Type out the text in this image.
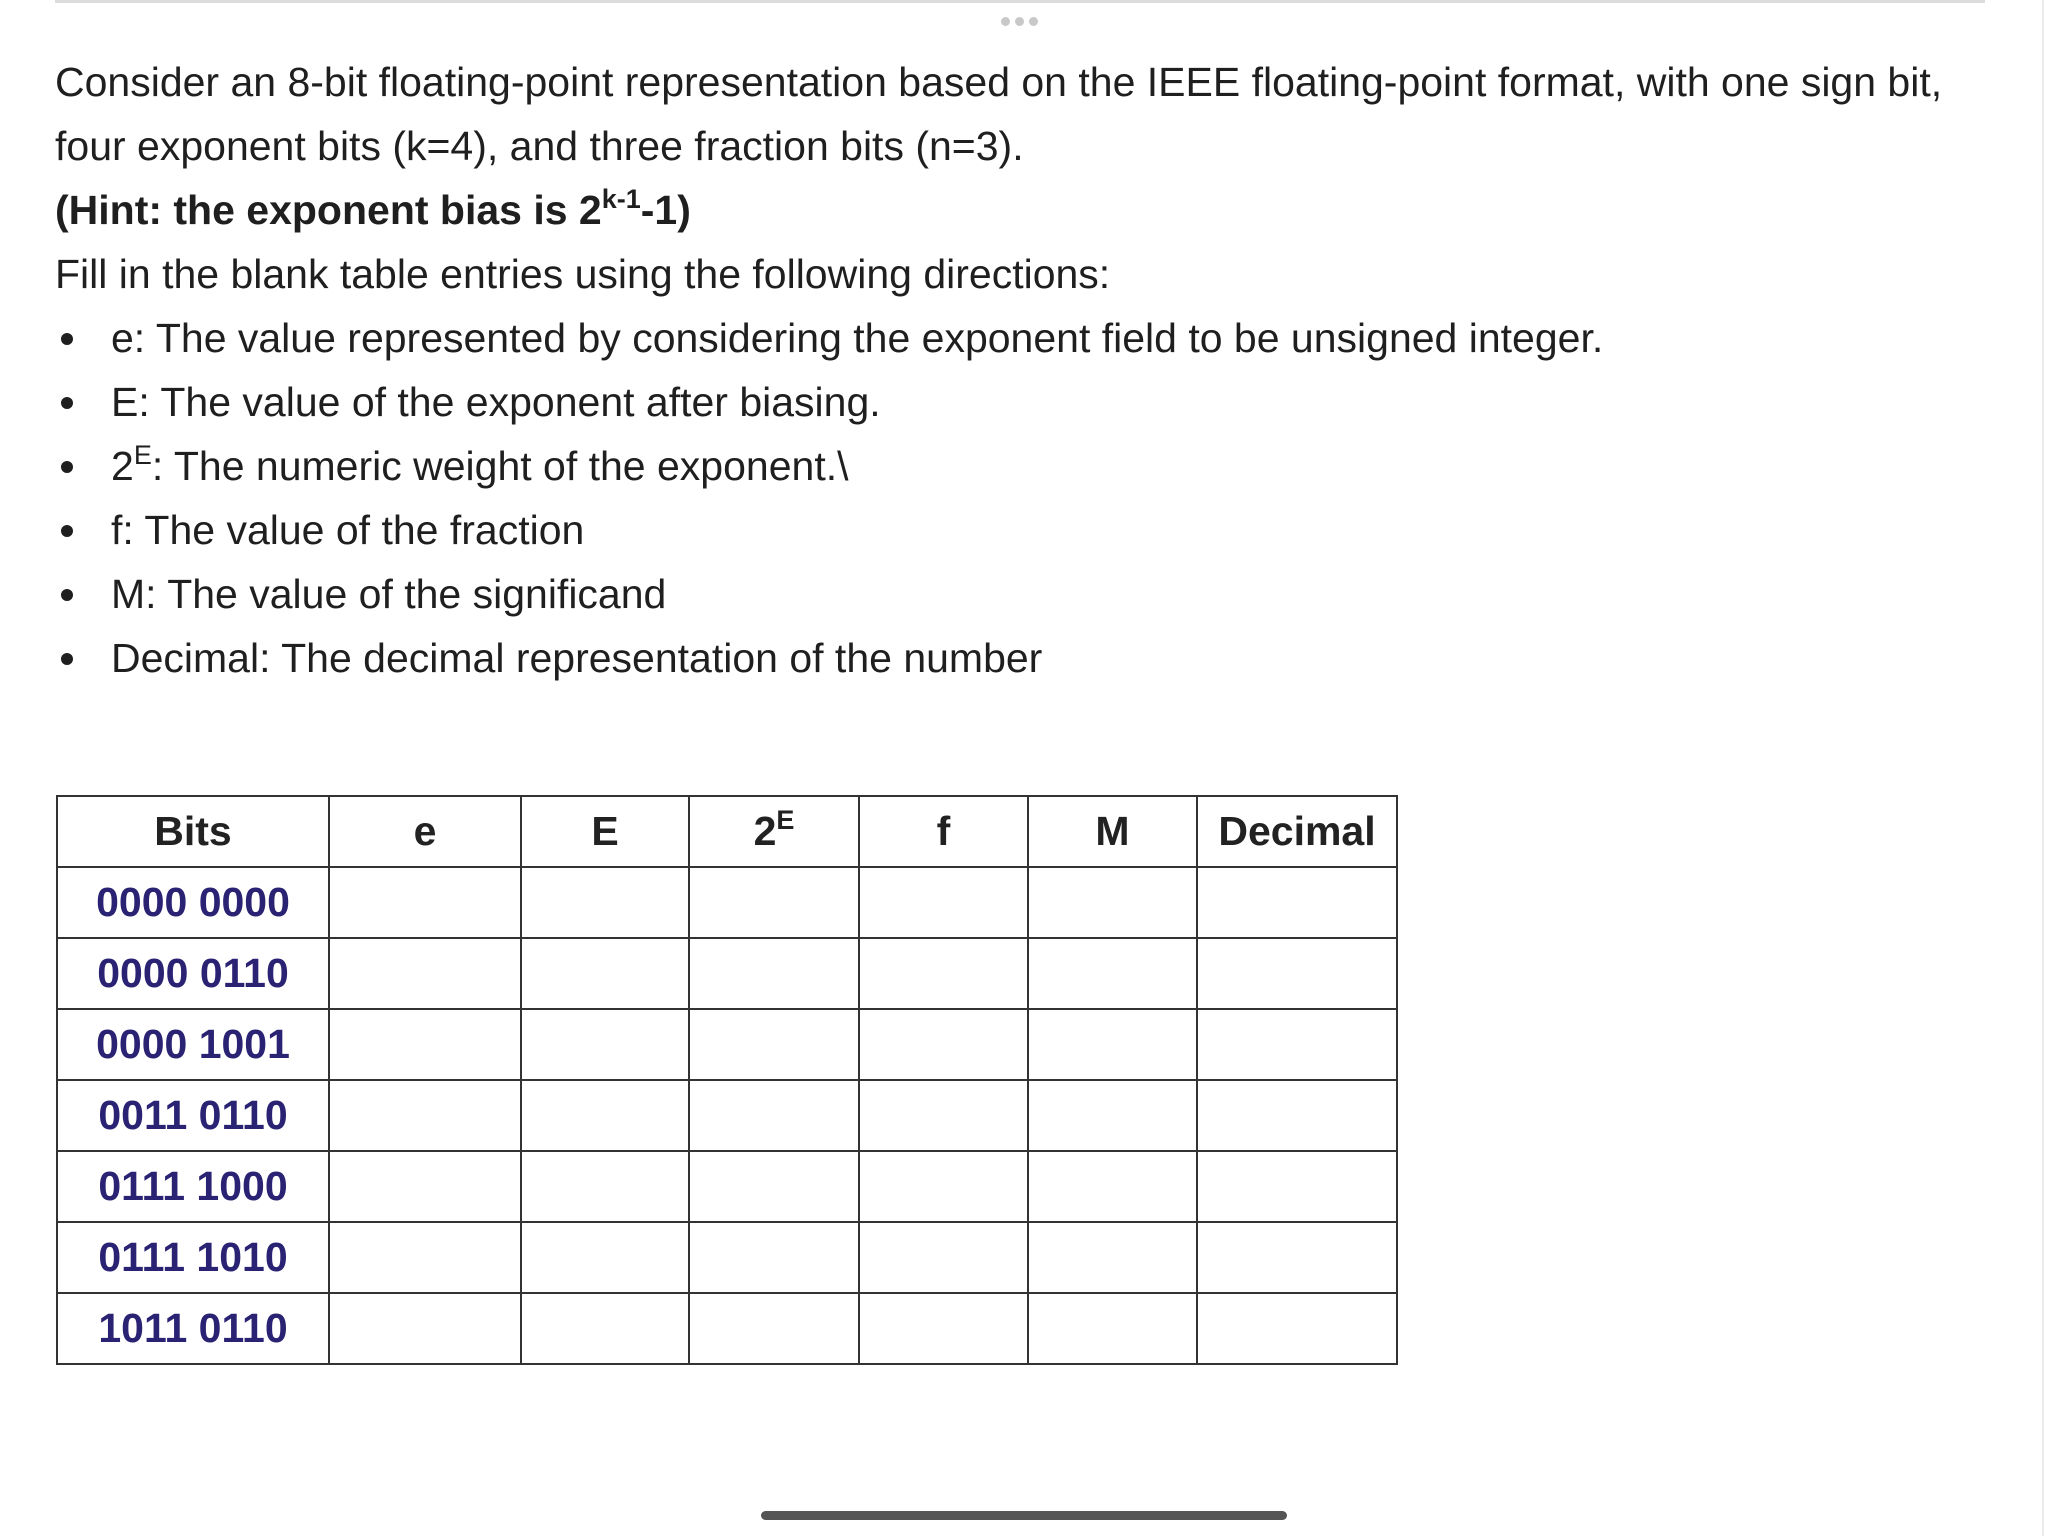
Consider an 8-bit floating-point representation based on the IEEE floating-point format, with one sign bit, four exponent bits (k=4), and three fraction bits (n=3).

(Hint: the exponent bias is 2$^{k-1}$-1)

Fill in the blank table entries using the following directions:

e: The value represented by considering the exponent field to be unsigned integer.
E: The value of the exponent after biasing.
$2^E$: The numeric weight of the exponent.\
f: The value of the fraction
M: The value of the significand
Decimal: The decimal representation of the number
Bits	e	E	$2^E$	f	M	Decimal
0000 0000						
0000 0110						
0000 1001						
0011 0110						
0111 1000						
0111 1010						
1011 0110						
